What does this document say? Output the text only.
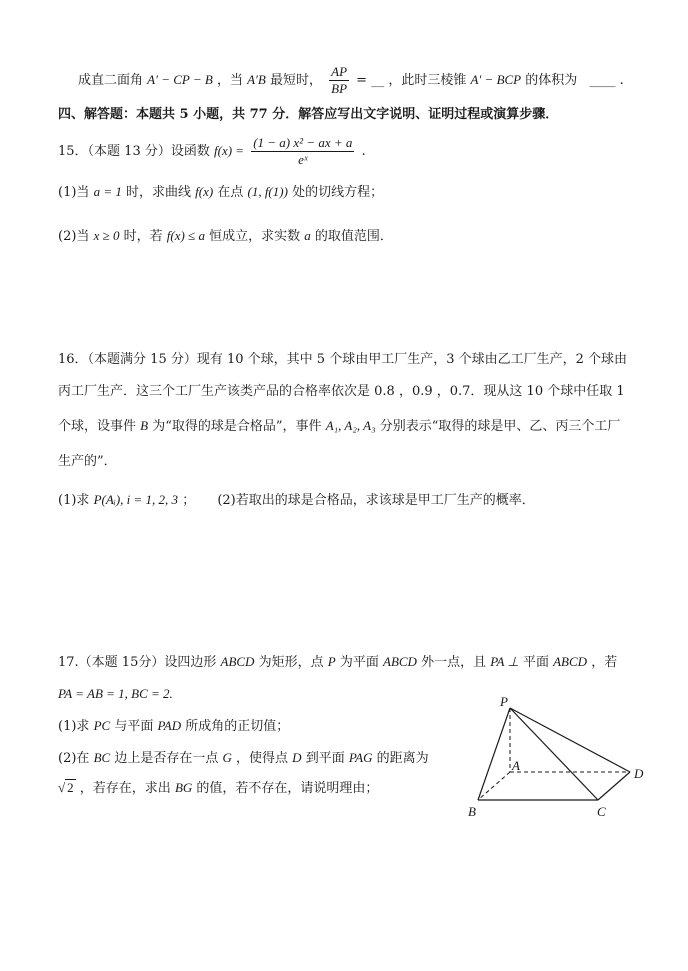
成直二面角 A′ − CP − B ，当 A′B 最短时， $\frac{AP}{BP}$ = __ ，此时三棱锥 A′ − BCP 的体积为 ____ .
四、解答题：本题共 5 小题，共 77 分．解答应写出文字说明、证明过程或演算步骤．
15．（本题 13 分）设函数 $f(x) = \frac{\text{(1 − a) x² − ax + a}}{\text{eˣ}}$ .
(1)当 a = 1 时，求曲线 f(x) 在点 (1, f(1)) 处的切线方程；
(2)当 x ≥ 0 时，若 f(x) ≤ a 恒成立，求实数 a 的取值范围．
16．（本题满分 15 分）现有 10 个球，其中 5 个球由甲工厂生产，3 个球由乙工厂生产，2 个球由
丙工厂生产．这三个工厂生产该类产品的合格率依次是 0.8 ，0.9 ，0.7．现从这 10 个球中任取 1
个球，设事件 B 为“取得的球是合格品”，事件 A₁, A₂, A₃ 分别表示“取得的球是甲、乙、丙三个工厂
生产的”．
(1)求 P(Aᵢ), i = 1, 2, 3 ； (2)若取出的球是合格品，求该球是甲工厂生产的概率．
17.（本题 15分）设四边形 ABCD 为矩形，点 P 为平面 ABCD 外一点，且 PA ⊥ 平面 ABCD ，若
PA = AB = 1, BC = 2.
(1)求 PC 与平面 PAD 所成角的正切值；
(2)在 BC 边上是否存在一点 G ，使得点 D 到平面 PAG 的距离为
√ 2 ，若存在，求出 BG 的值，若不存在，请说明理由；
P
A
B	C
D
